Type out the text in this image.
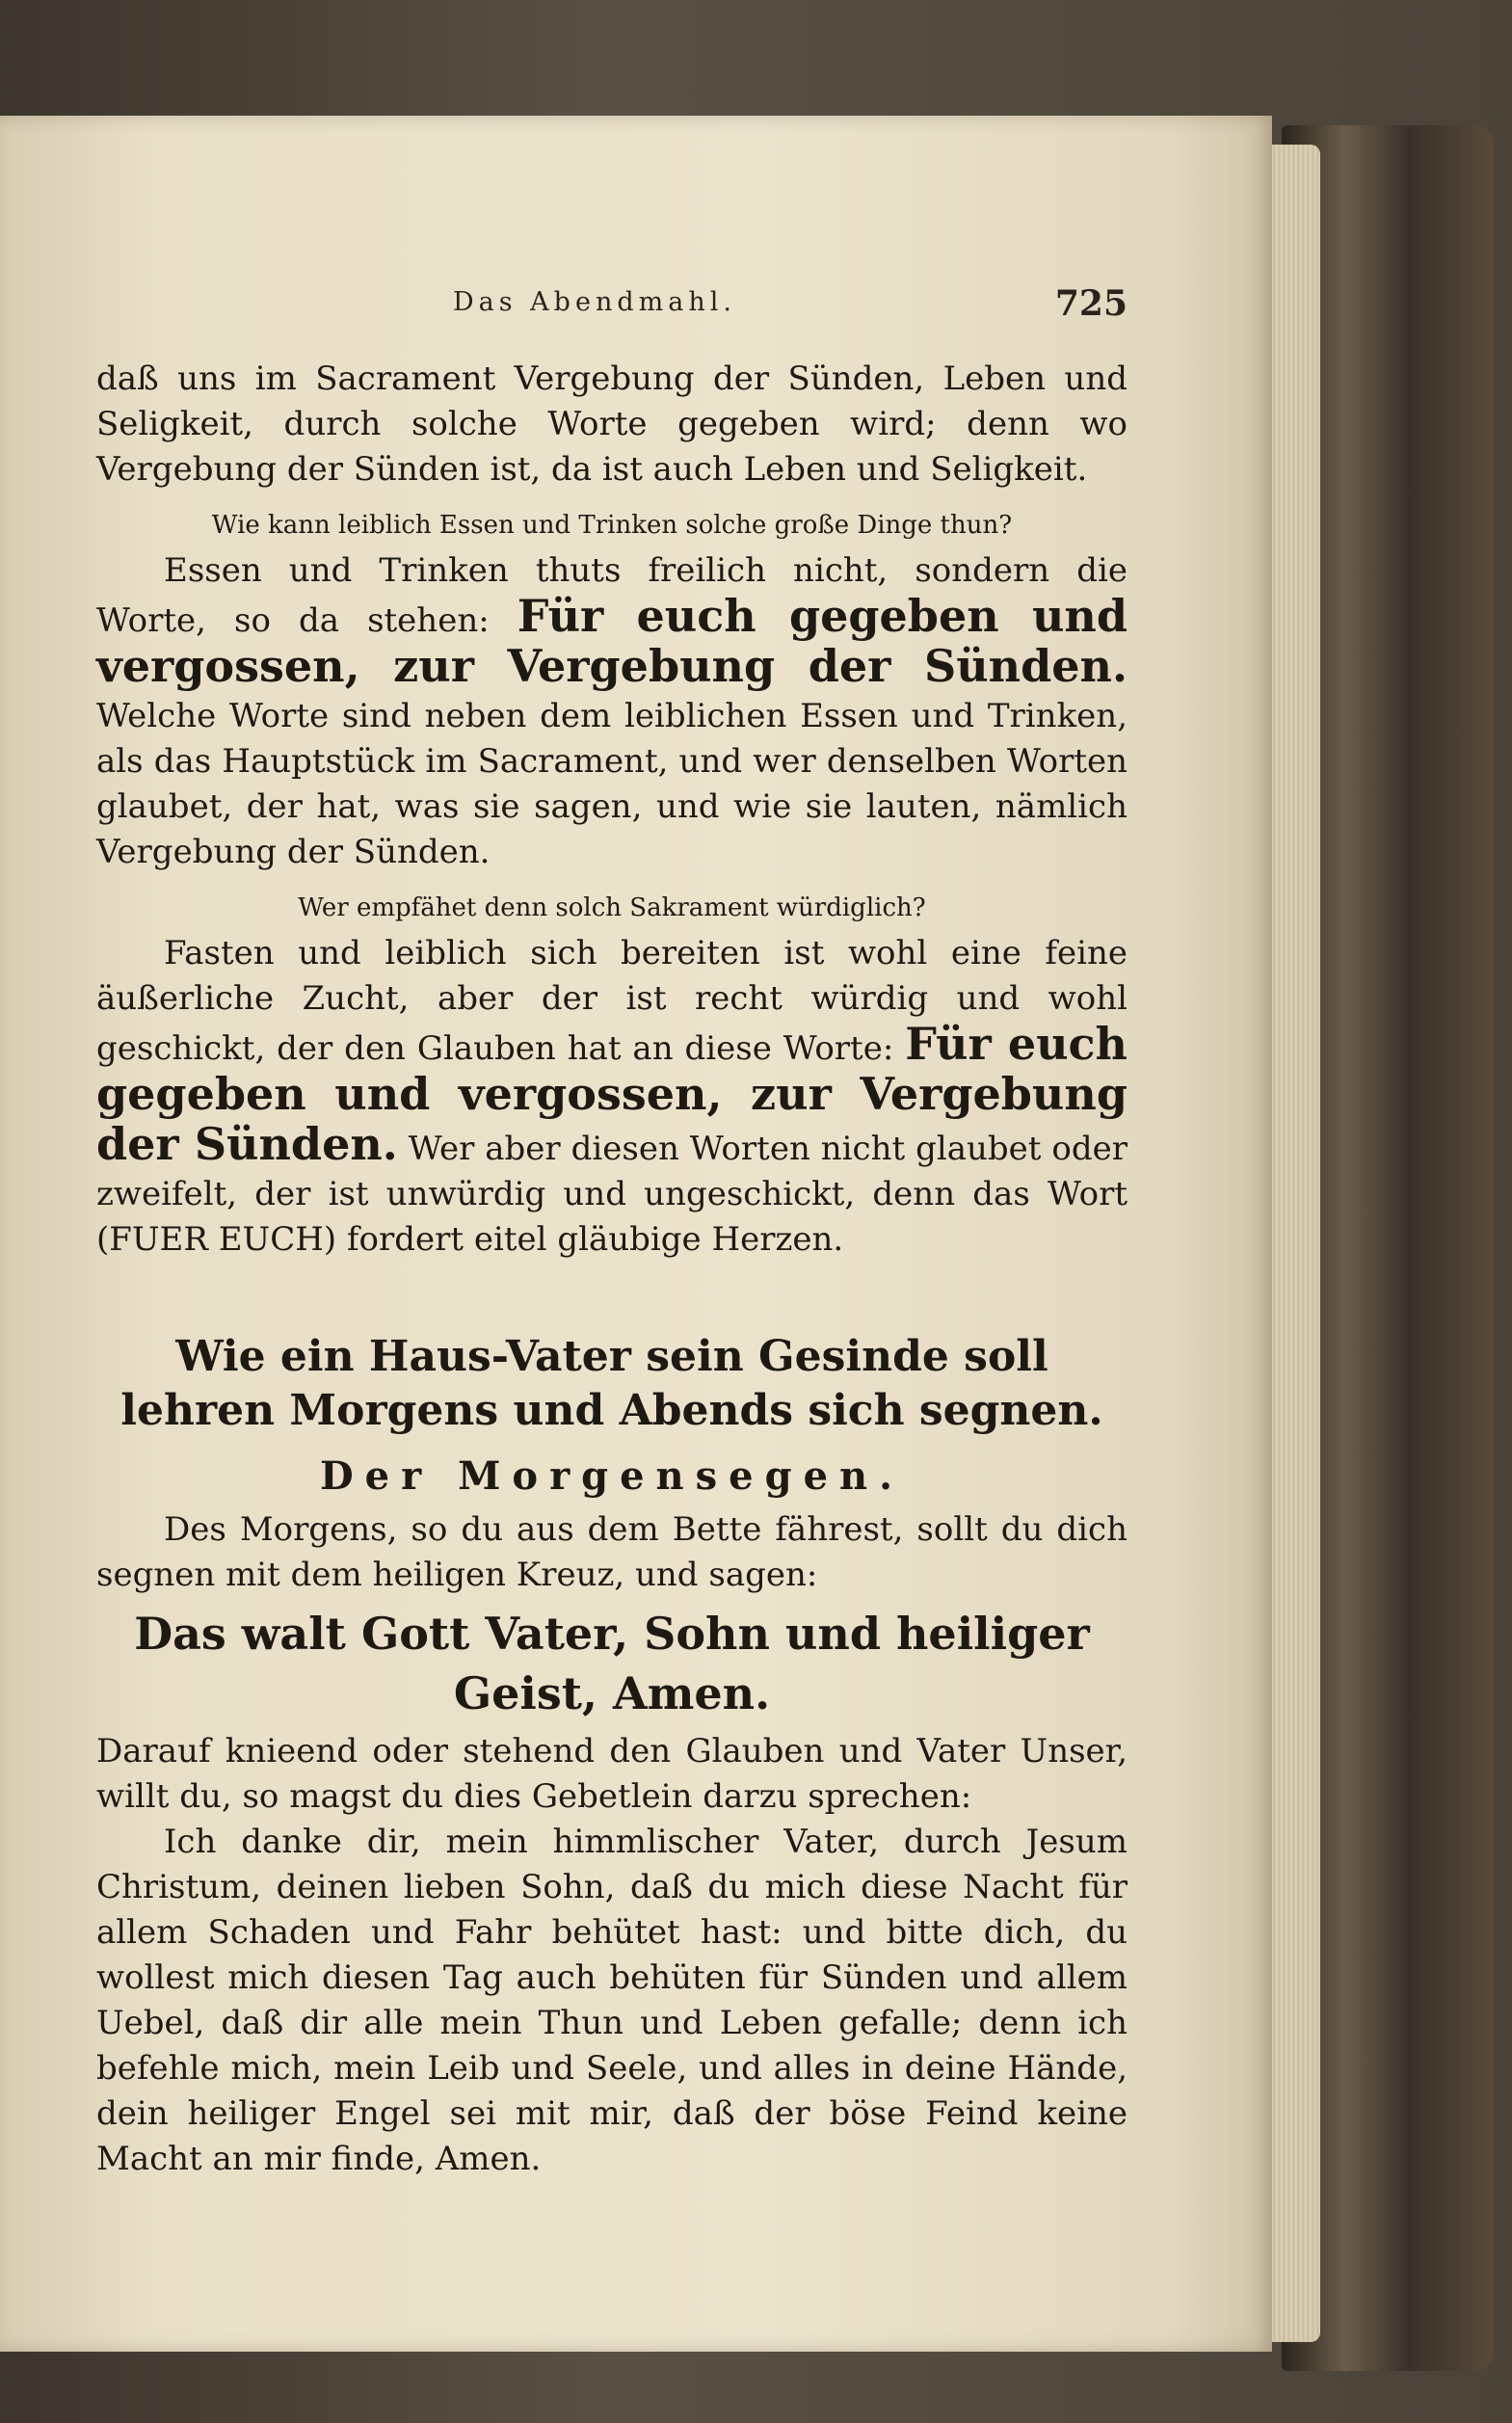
Das Abendmahl.	725

daß uns im Sacrament Vergebung der Sünden, Leben und Seligkeit, durch solche Worte gegeben wird; denn wo Vergebung der Sünden ist, da ist auch Leben und Seligkeit.

Wie kann leiblich Essen und Trinken solche große Dinge thun?

Essen und Trinken thuts freilich nicht, sondern die Worte, so da stehen: Für euch gegeben und vergossen, zur Vergebung der Sünden. Welche Worte sind neben dem leiblichen Essen und Trinken, als das Hauptstück im Sacrament, und wer denselben Worten glaubet, der hat, was sie sagen, und wie sie lauten, nämlich Vergebung der Sünden.

Wer empfähet denn solch Sakrament würdiglich?

Fasten und leiblich sich bereiten ist wohl eine feine äußerliche Zucht, aber der ist recht würdig und wohl geschickt, der den Glauben hat an diese Worte: Für euch gegeben und vergossen, zur Vergebung der Sünden. Wer aber diesen Worten nicht glaubet oder zweifelt, der ist unwürdig und ungeschickt, denn das Wort (FUER EUCH) fordert eitel gläubige Herzen.

Wie ein Haus-Vater sein Gesinde soll lehren Morgens und Abends sich segnen.

Der Morgensegen.

Des Morgens, so du aus dem Bette fährest, sollt du dich segnen mit dem heiligen Kreuz, und sagen:

Das walt Gott Vater, Sohn und heiliger Geist, Amen.

Darauf knieend oder stehend den Glauben und Vater Unser, willt du, so magst du dies Gebetlein darzu sprechen:

Ich danke dir, mein himmlischer Vater, durch Jesum Christum, deinen lieben Sohn, daß du mich diese Nacht für allem Schaden und Fahr behütet hast: und bitte dich, du wollest mich diesen Tag auch behüten für Sünden und allem Uebel, daß dir alle mein Thun und Leben gefalle; denn ich befehle mich, mein Leib und Seele, und alles in deine Hände, dein heiliger Engel sei mit mir, daß der böse Feind keine Macht an mir finde, Amen.
